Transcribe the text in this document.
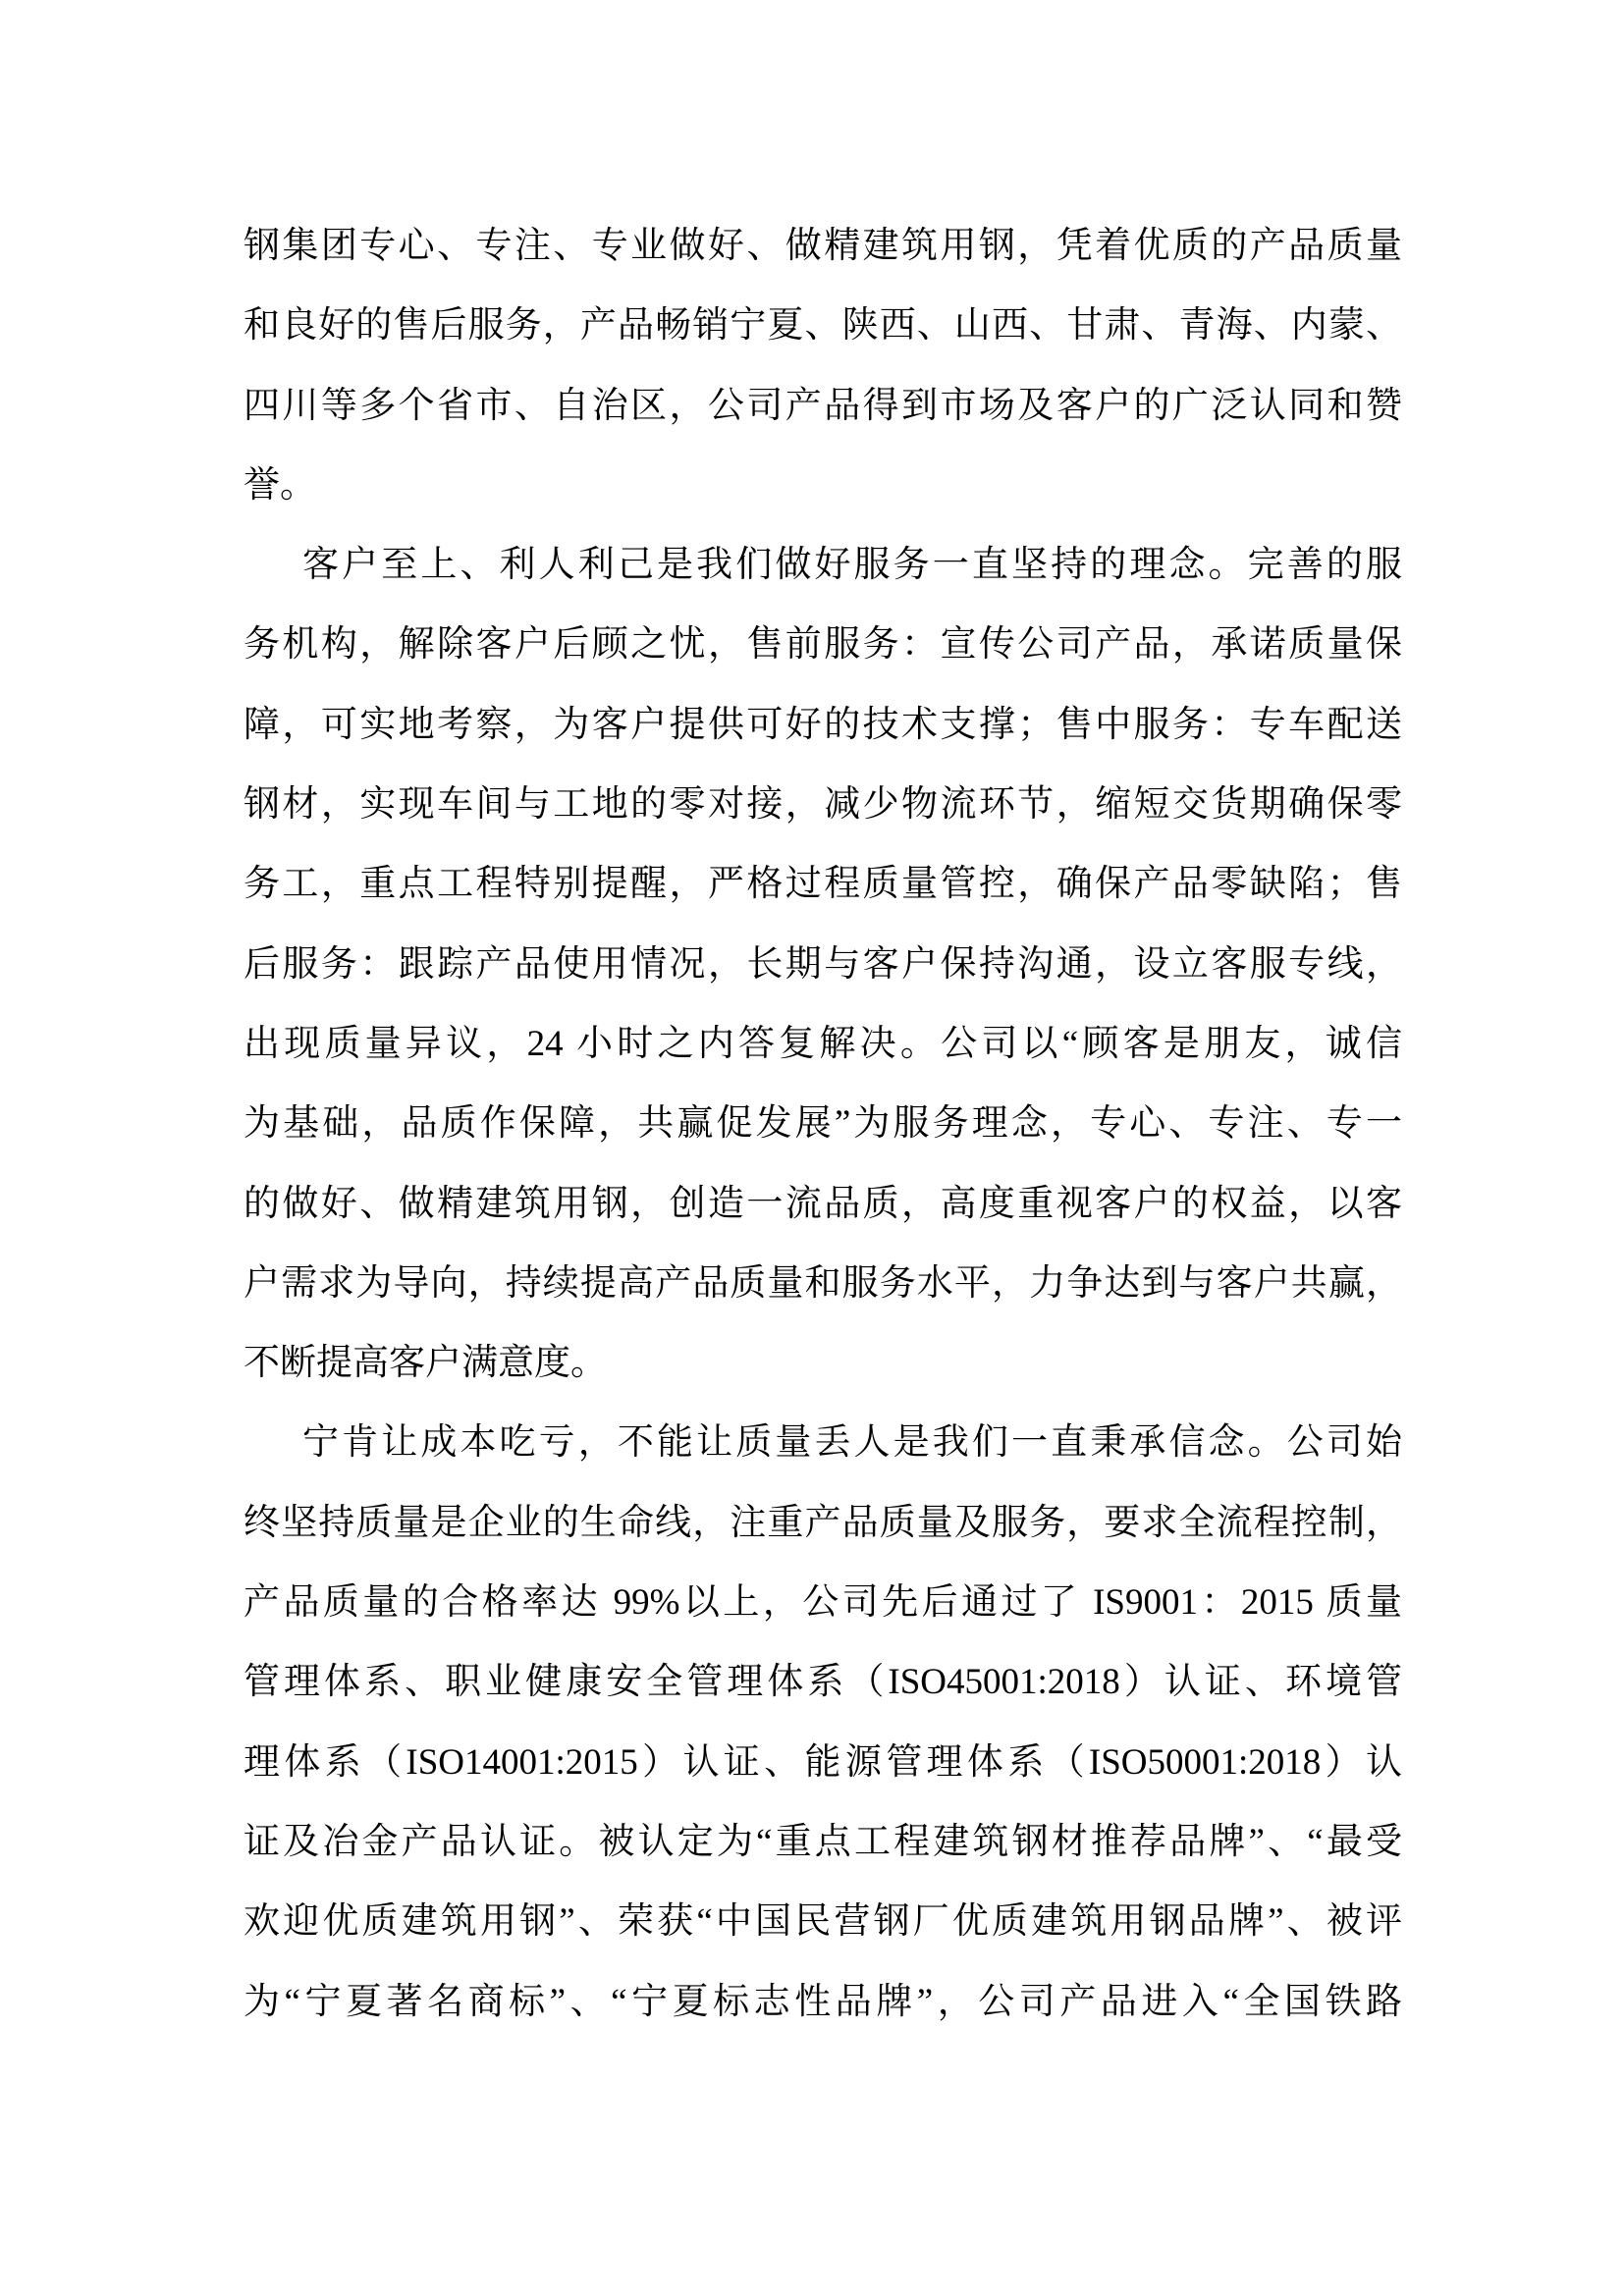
钢集团专心、专注、专业做好、做精建筑用钢，凭着优质的产品质量
和良好的售后服务，产品畅销宁夏、陕西、山西、甘肃、青海、内蒙、
四川等多个省市、自治区，公司产品得到市场及客户的广泛认同和赞
誉。
客户至上、利人利己是我们做好服务一直坚持的理念。完善的服
务机构，解除客户后顾之忧，售前服务：宣传公司产品，承诺质量保
障，可实地考察，为客户提供可好的技术支撑；售中服务：专车配送
钢材，实现车间与工地的零对接，减少物流环节，缩短交货期确保零
务工，重点工程特别提醒，严格过程质量管控，确保产品零缺陷；售
后服务：跟踪产品使用情况，长期与客户保持沟通，设立客服专线，
出现质量异议，24 小时之内答复解决。公司以“顾客是朋友，诚信
为基础，品质作保障，共赢促发展”为服务理念，专心、专注、专一
的做好、做精建筑用钢，创造一流品质，高度重视客户的权益，以客
户需求为导向，持续提高产品质量和服务水平，力争达到与客户共赢，
不断提高客户满意度。
宁肯让成本吃亏，不能让质量丢人是我们一直秉承信念。公司始
终坚持质量是企业的生命线，注重产品质量及服务，要求全流程控制，
产品质量的合格率达 99%以上，公司先后通过了 IS9001：2015 质量
管理体系、职业健康安全管理体系（ISO45001:2018）认证、环境管
理体系（ISO14001:2015）认证、能源管理体系（ISO50001:2018）认
证及冶金产品认证。被认定为“重点工程建筑钢材推荐品牌”、“最受
欢迎优质建筑用钢”、荣获“中国民营钢厂优质建筑用钢品牌”、被评
为“宁夏著名商标”、“宁夏标志性品牌”，公司产品进入“全国铁路
